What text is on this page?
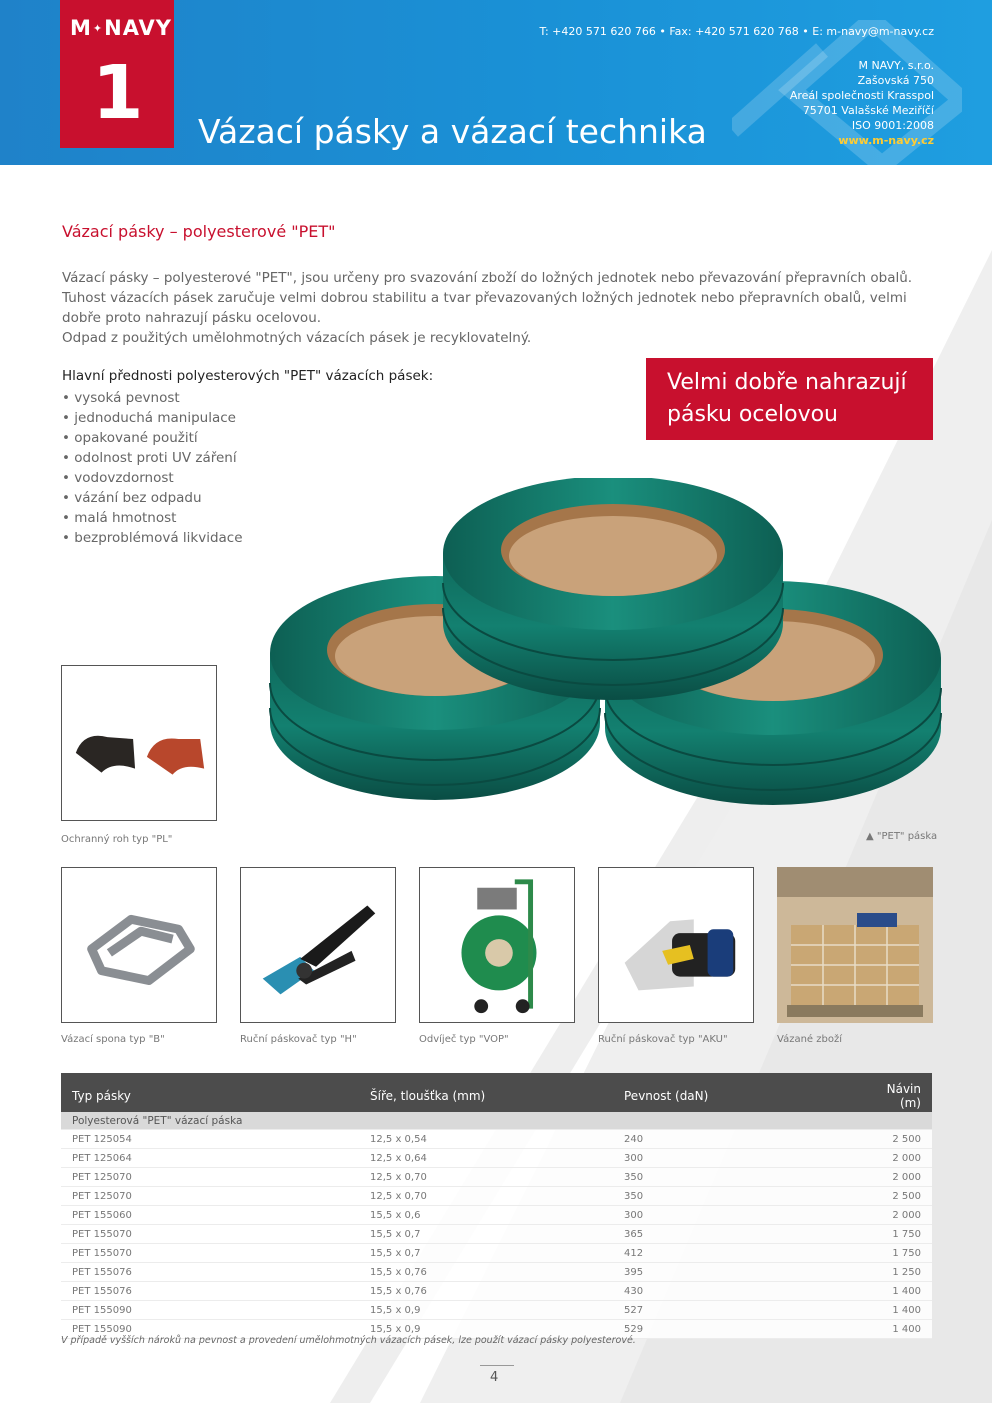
M✦NAVY
1 Vázací pásky a vázací technika
T: +420 571 620 766 • Fax: +420 571 620 768 • E: m-navy@m-navy.cz
M NAVY, s.r.o.
Zašovská 750
Areál společnosti Krasspol
75701 Valašské Meziříčí
ISO 9001:2008
www.m-navy.cz
Vázací pásky – polyesterové "PET"

Vázací pásky – polyesterové "PET", jsou určeny pro svazování zboží do ložných jednotek nebo převazování přepravních obalů.

Tuhost vázacích pásek zaručuje velmi dobrou stabilitu a tvar převazovaných ložných jednotek nebo přepravních obalů, velmi dobře proto nahrazují pásku ocelovou.

Odpad z použitých umělohmotných vázacích pásek je recyklovatelný.

Hlavní přednosti polyesterových "PET" vázacích pásek:
• vysoká pevnost
• jednoduchá manipulace
• opakované použití
• odolnost proti UV záření
• vodovzdornost
• vázání bez odpadu
• malá hmotnost
• bezproblémová likvidace
Velmi dobře nahrazují
pásku ocelovou
Ochranný roh typ "PL"	▲ "PET" páska
Vázací spona typ "B"	Ruční páskovač typ "H"	Odvíječ typ "VOP"	Ruční páskovač typ "AKU"	Vázané zboží
Typ pásky	Šíře, tloušťka (mm)	Pevnost (daN)	Návin (m)
Polyesterová "PET" vázací páska			
PET 125054	12,5 x 0,54	240	2 500
PET 125064	12,5 x 0,64	300	2 000
PET 125070	12,5 x 0,70	350	2 000
PET 125070	12,5 x 0,70	350	2 500
PET 155060	15,5 x 0,6	300	2 000
PET 155070	15,5 x 0,7	365	1 750
PET 155070	15,5 x 0,7	412	1 750
PET 155076	15,5 x 0,76	395	1 250
PET 155076	15,5 x 0,76	430	1 400
PET 155090	15,5 x 0,9	527	1 400
PET 155090	15,5 x 0,9	529	1 400
V případě vyšších nároků na pevnost a provedení umělohmotných vázacích pásek, lze použít vázací pásky polyesterové.
4
